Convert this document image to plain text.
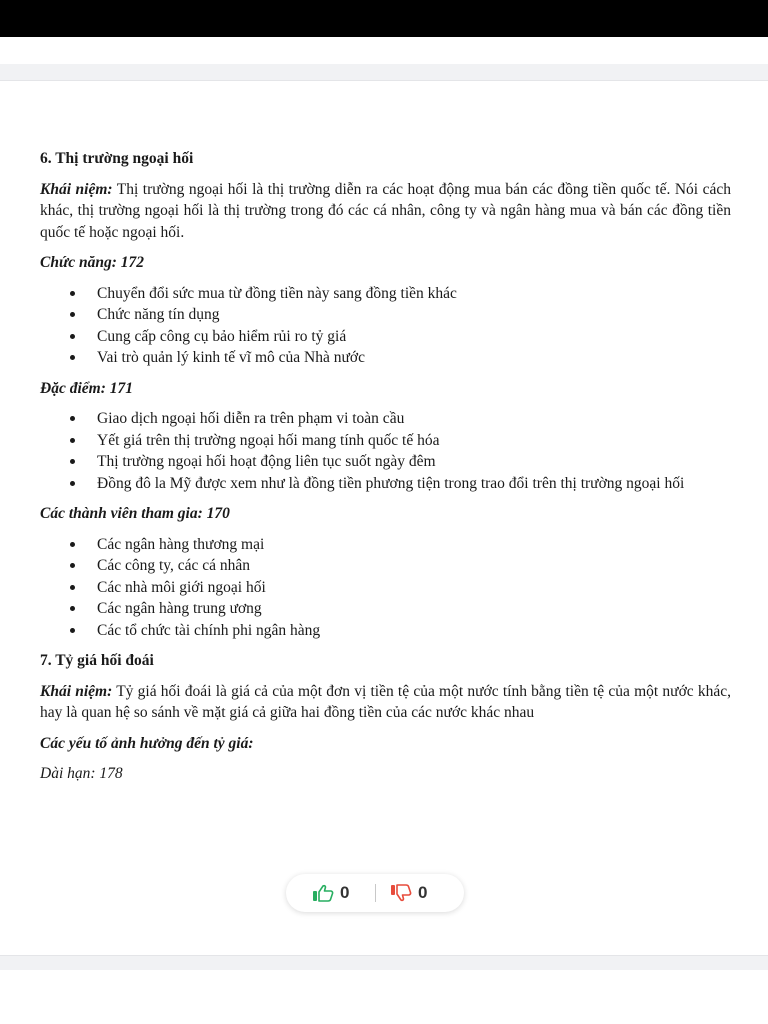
6. Thị trường ngoại hối

Khái niệm: Thị trường ngoại hối là thị trường diễn ra các hoạt động mua bán các đồng tiền quốc tế. Nói cách khác, thị trường ngoại hối là thị trường trong đó các cá nhân, công ty và ngân hàng mua và bán các đồng tiền quốc tế hoặc ngoại hối.

Chức năng: 172
Chuyển đổi sức mua từ đồng tiền này sang đồng tiền khác
Chức năng tín dụng
Cung cấp công cụ bảo hiểm rủi ro tỷ giá
Vai trò quản lý kinh tế vĩ mô của Nhà nước
Đặc điểm: 171
Giao dịch ngoại hối diễn ra trên phạm vi toàn cầu
Yết giá trên thị trường ngoại hối mang tính quốc tế hóa
Thị trường ngoại hối hoạt động liên tục suốt ngày đêm
Đồng đô la Mỹ được xem như là đồng tiền phương tiện trong trao đổi trên thị trường ngoại hối
Các thành viên tham gia: 170
Các ngân hàng thương mại
Các công ty, các cá nhân
Các nhà môi giới ngoại hối
Các ngân hàng trung ương
Các tổ chức tài chính phi ngân hàng
7. Tỷ giá hối đoái

Khái niệm: Tỷ giá hối đoái là giá cả của một đơn vị tiền tệ của một nước tính bằng tiền tệ của một nước khác, hay là quan hệ so sánh về mặt giá cả giữa hai đồng tiền của các nước khác nhau

Các yếu tố ảnh hưởng đến tỷ giá:

Dài hạn: 178

0	0
